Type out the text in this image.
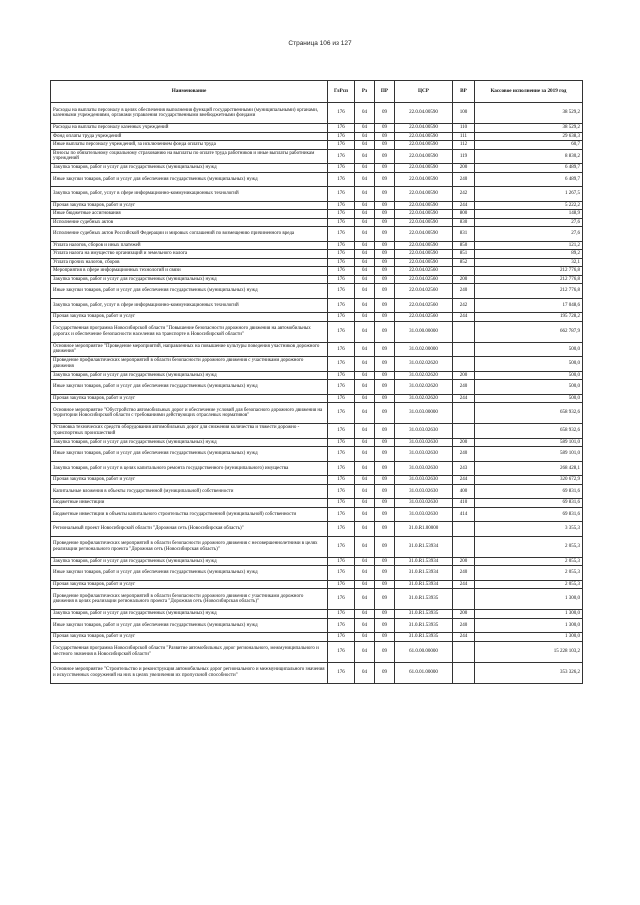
Страница 106 из 127
Наименование	ГлРсп	Рз	ПР	ЦСР	ВР	Кассовое исполнение за 2019 год
Расходы на выплаты персоналу в целях обеспечения выполнения функций государственными (муниципальными) органами, казенными учреждениями, органами управления государственными внебюджетными фондами	176	04	09	22.0.04.00590	100	38 529,2
Расходы на выплаты персоналу казенных учреждений	176	04	09	22.0.04.00590	110	38 529,2
Фонд оплаты труда учреждений	176	04	09	22.0.04.00590	111	29 638,3
Иные выплаты персоналу учреждений, за исключением фонда оплаты труда	176	04	09	22.0.04.00590	112	60,7
Взносы по обязательному социальному страхованию на выплаты по оплате труда работников и иные выплаты работникам учреждений	176	04	09	22.0.04.00590	119	8 830,2
Закупка товаров, работ и услуг для государственных (муниципальных) нужд	176	04	09	22.0.04.00590	200	6 489,7
Иные закупки товаров, работ и услуг для обеспечения государственных (муниципальных) нужд	176	04	09	22.0.04.00590	240	6 489,7
Закупка товаров, работ, услуг в сфере информационно-коммуникационных технологий	176	04	09	22.0.04.00590	242	1 267,5
Прочая закупка товаров, работ и услуг	176	04	09	22.0.04.00590	244	5 222,2
Иные бюджетные ассигнования	176	04	09	22.0.04.00590	800	148,9
Исполнение судебных актов	176	04	09	22.0.04.00590	830	27,6
Исполнение судебных актов Российской Федерации и мировых соглашений по возмещению причиненного вреда	176	04	09	22.0.04.00590	831	27,6
Уплата налогов, сборов и иных платежей	176	04	09	22.0.04.00590	850	121,2
Уплата налога на имущество организаций и земельного налога	176	04	09	22.0.04.00590	851	89,2
Уплата прочих налогов, сборов	176	04	09	22.0.04.00590	852	32,1
Мероприятия в сфере информационных технологий и связи	176	04	09	22.0.04.02560		212 776,8
Закупка товаров, работ и услуг для государственных (муниципальных) нужд	176	04	09	22.0.04.02560	200	212 776,8
Иные закупки товаров, работ и услуг для обеспечения государственных (муниципальных) нужд	176	04	09	22.0.04.02560	240	212 776,8
Закупка товаров, работ, услуг в сфере информационно-коммуникационных технологий	176	04	09	22.0.04.02560	242	17 048,6
Прочая закупка товаров, работ и услуг	176	04	09	22.0.04.02560	244	195 728,2
Государственная программа Новосибирской области "Повышение безопасности дорожного движения на автомобильных дорогах и обеспечение безопасности населения на транспорте в Новосибирской области"	176	04	09	31.0.00.00000		662 787,9
Основное мероприятие "Проведение мероприятий, направленных на повышение культуры поведения участников дорожного движения"	176	04	09	31.0.02.00000		500,0
Проведение профилактических мероприятий в области безопасности дорожного движения с участниками дорожного движения	176	04	09	31.0.02.02620		500,0
Закупка товаров, работ и услуг для государственных (муниципальных) нужд	176	04	09	31.0.02.02620	200	500,0
Иные закупки товаров, работ и услуг для обеспечения государственных (муниципальных) нужд	176	04	09	31.0.02.02620	240	500,0
Прочая закупка товаров, работ и услуг	176	04	09	31.0.02.02620	244	500,0
Основное мероприятие "Обустройство автомобильных дорог и обеспечение условий для безопасного дорожного движения на территории Новосибирской области с требованиями действующих отраслевых нормативов"	176	04	09	31.0.03.00000		658 932,6
Установка технических средств оборудования автомобильных дорог для снижения количества и тяжести дорожно - транспортных происшествий	176	04	09	31.0.03.02630		658 932,6
Закупка товаров, работ и услуг для государственных (муниципальных) нужд	176	04	09	31.0.03.02630	200	589 101,0
Иные закупки товаров, работ и услуг для обеспечения государственных (муниципальных) нужд	176	04	09	31.0.03.02630	240	589 101,0
Закупка товаров, работ и услуг в целях капитального ремонта государственного (муниципального) имущества	176	04	09	31.0.03.02630	243	268 428,1
Прочая закупка товаров, работ и услуг	176	04	09	31.0.03.02630	244	320 672,9
Капитальные вложения в объекты государственной (муниципальной) собственности	176	04	09	31.0.03.02630	400	69 831,6
Бюджетные инвестиции	176	04	09	31.0.03.02630	410	69 831,6
Бюджетные инвестиции в объекты капитального строительства государственной (муниципальной) собственности	176	04	09	31.0.03.02630	414	69 831,6
Региональный проект Новосибирской области "Дорожная сеть (Новосибирская область)"	176	04	09	31.0.R1.00000		3 355,3
Проведение профилактических мероприятий в области безопасности дорожного движения с несовершеннолетними в целях реализации регионального проекта "Дорожная сеть (Новосибирская область)"	176	04	09	31.0.R1.53934		2 055,3
Закупка товаров, работ и услуг для государственных (муниципальных) нужд	176	04	09	31.0.R1.53934	200	2 055,3
Иные закупки товаров, работ и услуг для обеспечения государственных (муниципальных) нужд	176	04	09	31.0.R1.53934	240	2 055,3
Прочая закупка товаров, работ и услуг	176	04	09	31.0.R1.53934	244	2 055,3
Проведение профилактических мероприятий в области безопасности дорожного движения с участниками дорожного движения в целях реализации регионального проекта "Дорожная сеть (Новосибирская область)"	176	04	09	31.0.R1.53935		1 300,0
Закупка товаров, работ и услуг для государственных (муниципальных) нужд	176	04	09	31.0.R1.53935	200	1 300,0
Иные закупки товаров, работ и услуг для обеспечения государственных (муниципальных) нужд	176	04	09	31.0.R1.53935	240	1 300,0
Прочая закупка товаров, работ и услуг	176	04	09	31.0.R1.53935	244	1 300,0
Государственная программа Новосибирской области "Развитие автомобильных дорог регионального, межмуниципального и местного значения в Новосибирской области"	176	04	09	61.0.00.00000		15 228 103,2
Основное мероприятие "Строительство и реконструкция автомобильных дорог регионального и межмуниципального значения и искусственных сооружений на них в целях увеличения их пропускной способности"	176	04	09	61.0.01.00000		353 326,2
